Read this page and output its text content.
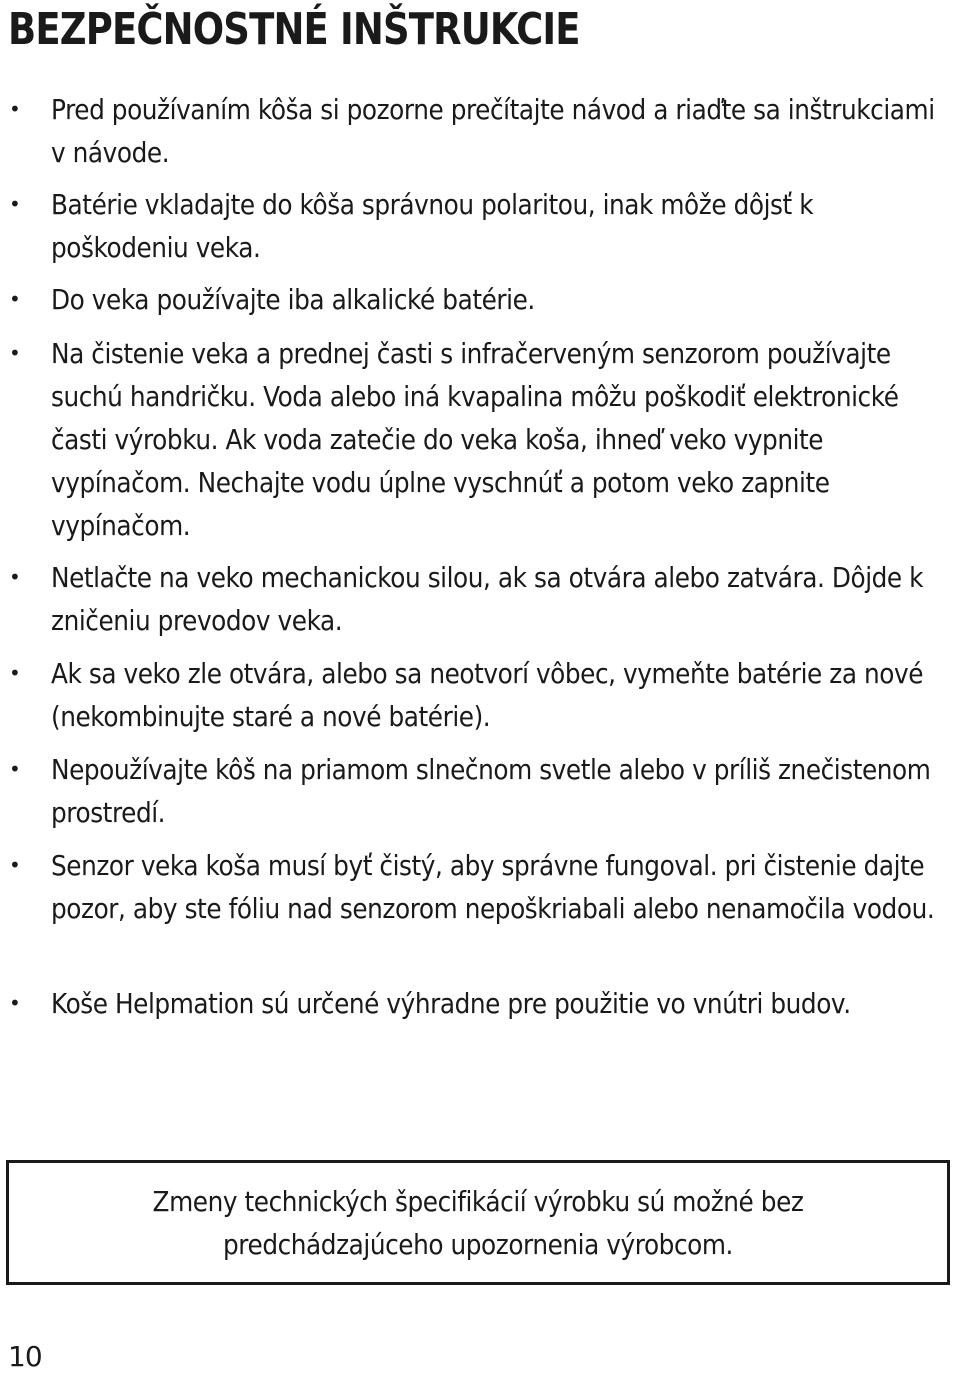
BEZPEČNOSTNÉ INŠTRUKCIE
• Pred používaním kôša si pozorne prečítajte návod a riaďte sa inštrukciami v návode.
• Batérie vkladajte do kôša správnou polaritou, inak môže dôjsť k poškodeniu veka.
• Do veka používajte iba alkalické batérie.
• Na čistenie veka a prednej časti s infračerveným senzorom používajte suchú handričku. Voda alebo iná kvapalina môžu poškodiť elektronické časti výrobku. Ak voda zatečie do veka koša, ihneď veko vypnite vypínačom. Nechajte vodu úplne vyschnúť a potom veko zapnite vypínačom.
• Netlačte na veko mechanickou silou, ak sa otvára alebo zatvára. Dôjde k zničeniu prevodov veka.
• Ak sa veko zle otvára, alebo sa neotvorí vôbec, vymeňte batérie za nové (nekombinujte staré a nové batérie).
• Nepoužívajte kôš na priamom slnečnom svetle alebo v príliš znečistenom prostredí.
• Senzor veka koša musí byť čistý, aby správne fungoval. pri čistenie dajte pozor, aby ste fóliu nad senzorom nepoškriabali alebo nenamočila vodou.
• Koše Helpmation sú určené výhradne pre použitie vo vnútri budov.
Zmeny technických špecifikácií výrobku sú možné bez predchádzajúceho upozornenia výrobcom.
10
